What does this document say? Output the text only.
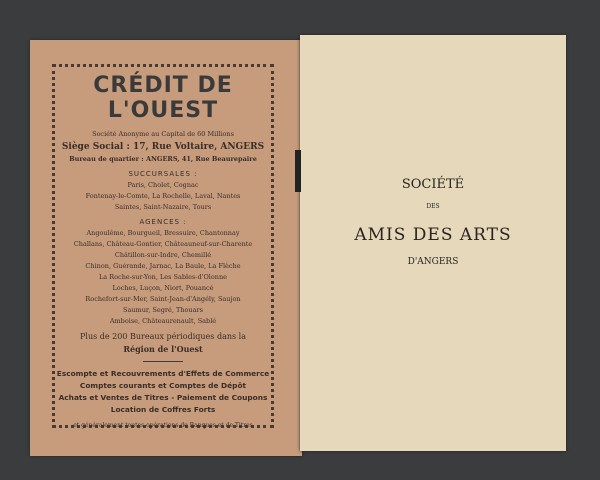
CRÉDIT DE L'OUEST
Société Anonyme au Capital de 60 Millions
Siège Social : 17, Rue Voltaire, ANGERS
Bureau de quartier : ANGERS, 41, Rue Beaurepaire
SUCCURSALES :
Paris, Cholet, Cognac
Fontenay-le-Comte, La Rochelle, Laval, Nantes
Saintes, Saint-Nazaire, Tours
AGENCES :
Angoulême, Bourgueil, Bressuire, Chantonnay
Challans, Château-Gontier, Châteauneuf-sur-Charente
Châtillon-sur-Indre, Chemillé
Chinon, Guérande, Jarnac, La Baule, La Flèche
La Roche-sur-Yon, Les Sables-d'Olonne
Loches, Luçon, Niort, Pouancé
Rochefort-sur-Mer, Saint-Jean-d'Angély, Saujon
Saumur, Segré, Thouars
Amboise, Châteaurenault, Sablé
Plus de 200 Bureaux périodiques dans la
Région de l'Ouest
Escompte et Recouvrements d'Effets de Commerce
Comptes courants et Comptes de Dépôt
Achats et Ventes de Titres - Paiement de Coupons
Location de Coffres Forts
et généralement toutes opérations de Banques et de Titres
SOCIÉTÉ
DES
AMIS DES ARTS
D'ANGERS
